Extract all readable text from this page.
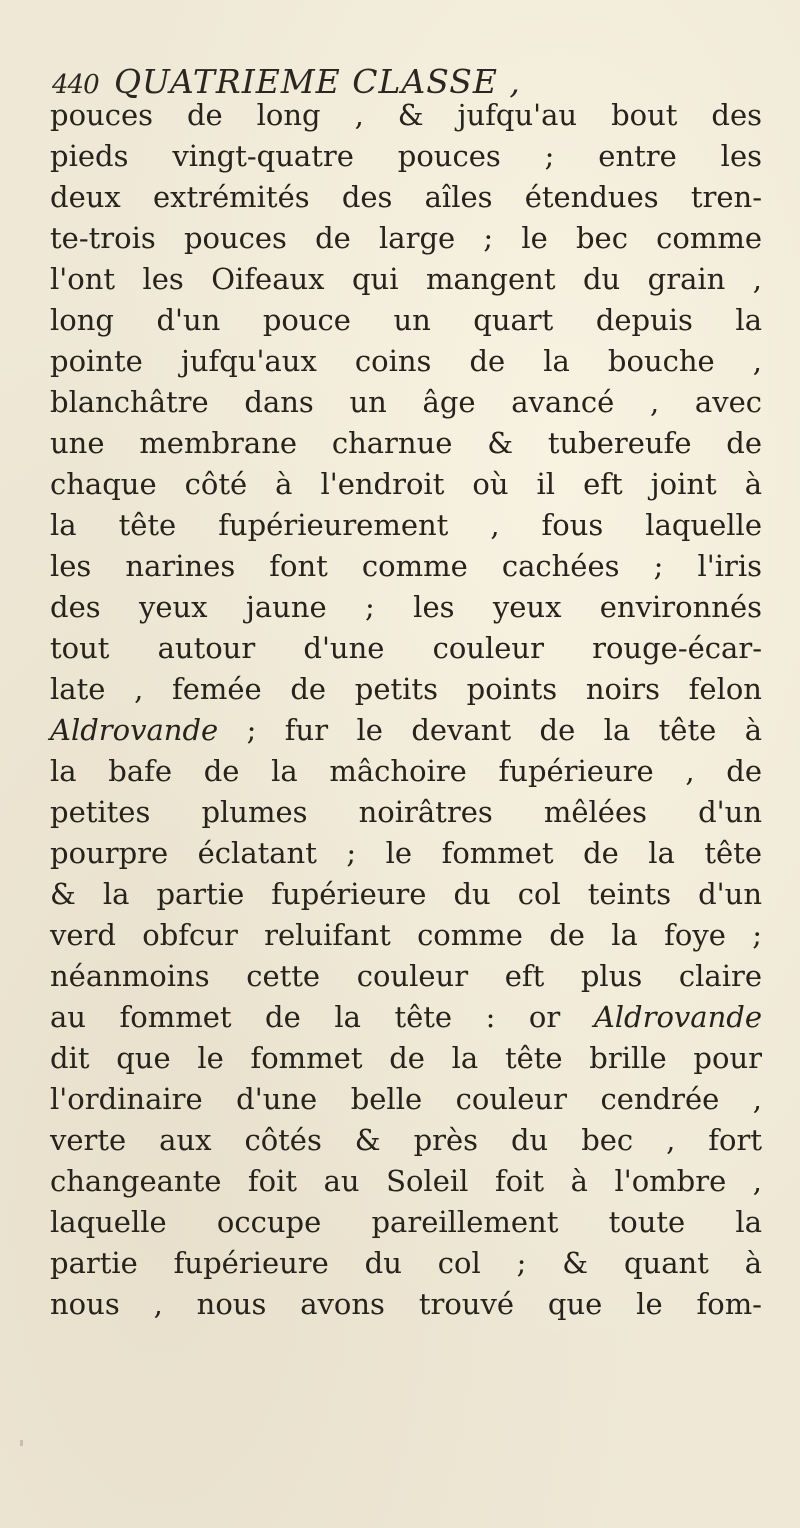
440 QUATRIEME CLASSE ,
pouces de long , & jufqu'au bout des
pieds vingt-quatre pouces ; entre les
deux extrémités des aîles étendues tren-
te-trois pouces de large ; le bec comme
l'ont les Oifeaux qui mangent du grain ,
long d'un pouce un quart depuis la
pointe jufqu'aux coins de la bouche ,
blanchâtre dans un âge avancé , avec
une membrane charnue & tubereufe de
chaque côté à l'endroit où il eft joint à
la tête fupérieurement , fous laquelle
les narines font comme cachées ; l'iris
des yeux jaune ; les yeux environnés
tout autour d'une couleur rouge-écar-
late , femée de petits points noirs felon
Aldrovande ; fur le devant de la tête à
la bafe de la mâchoire fupérieure , de
petites plumes noirâtres mêlées d'un
pourpre éclatant ; le fommet de la tête
& la partie fupérieure du col teints d'un
verd obfcur reluifant comme de la foye ;
néanmoins cette couleur eft plus claire
au fommet de la tête : or Aldrovande
dit que le fommet de la tête brille pour
l'ordinaire d'une belle couleur cendrée ,
verte aux côtés & près du bec , fort
changeante foit au Soleil foit à l'ombre ,
laquelle occupe pareillement toute la
partie fupérieure du col ; & quant à
nous , nous avons trouvé que le fom-
